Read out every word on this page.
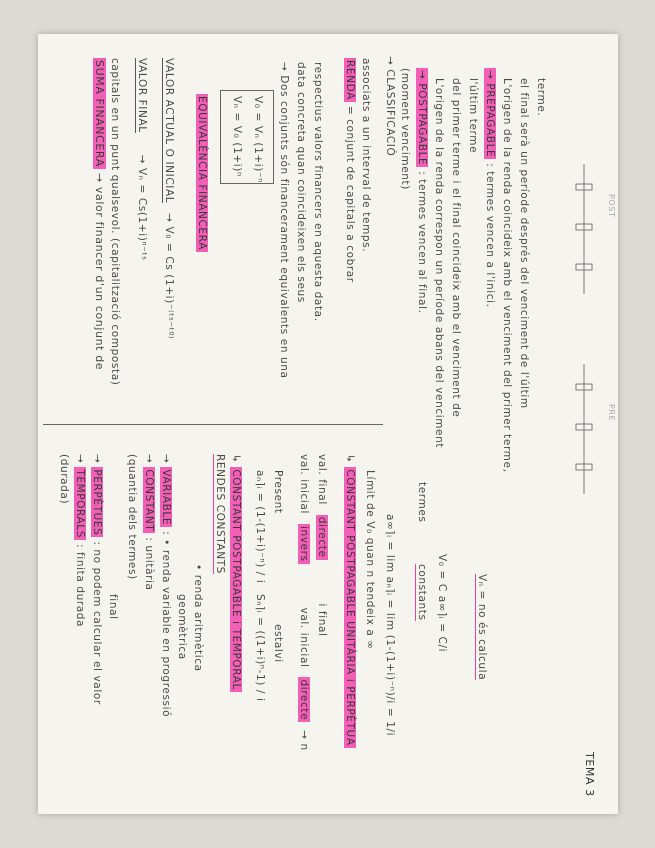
TEMA 3
SUMA FINANCERA → valor financer d'un conjunt de capitals en un punt qualsevol. (capitalització composta) VALOR FINAL → Vₙ = Cs(1+i)ⁿ⁻ᵗˢ
VALOR ACTUAL O INICIAL → V₀ = Cs (1+i)⁻⁽ᵗˢ⁻ᵗ⁰⁾
EQUIVALÈNCIA FINANCERA Vₙ = V₀ (1+i)ⁿ V₀ = Vₙ (1+i)⁻ⁿ → Dos conjunts són financerament equivalents en una data concreta quan coincideixen els seus respectius valors financers en aquesta data. RENDA = conjunt de capitals a cobrar associats a un interval de temps. → CLASSIFICACIÓ (moment venciment) → POSTPAGABLE : termes vencen al final. L'origen de la renda correspon un període abans del venciment del primer terme i el final coincideix amb el venciment de l'últim terme → PREPAGABLE : termes vencen a l'inici. L'origen de la renda coincideix amb el venciment del primer terme, el final serà un període després del venciment de l'últim terme.
POST
PRE
(durada) → TEMPORALS : finita durada
→ PERPÈTUES : no podem calcular el valor final
(quantia dels termes) → CONSTANT : unitària
→ VARIABLE : • renda variable en progressió geomètrica • renda aritmètica
RENDES CONSTANTS ↳ CONSTANT POSTPAGABLE i TEMPORAL aₙ⌉ᵢ = (1-(1+i)⁻ⁿ) / i
Sₙ⌉ᵢ = ((1+i)ⁿ-1) / i
Present
estalvi
val. inicial invers val. inicial directe → n
val. final directe i final
↳ CONSTANT POSTPAGABLE UNITÀRIA i PERPÈTUA Límit de V₀ quan n tendeix a ∞ a∞⌉ᵢ = lim aₙ⌉ᵢ = lim (1-(1+i)⁻ⁿ)/i = 1/i
termes
constants V₀ = C a∞⌉ᵢ = C/i	Vₙ = no és calcula
